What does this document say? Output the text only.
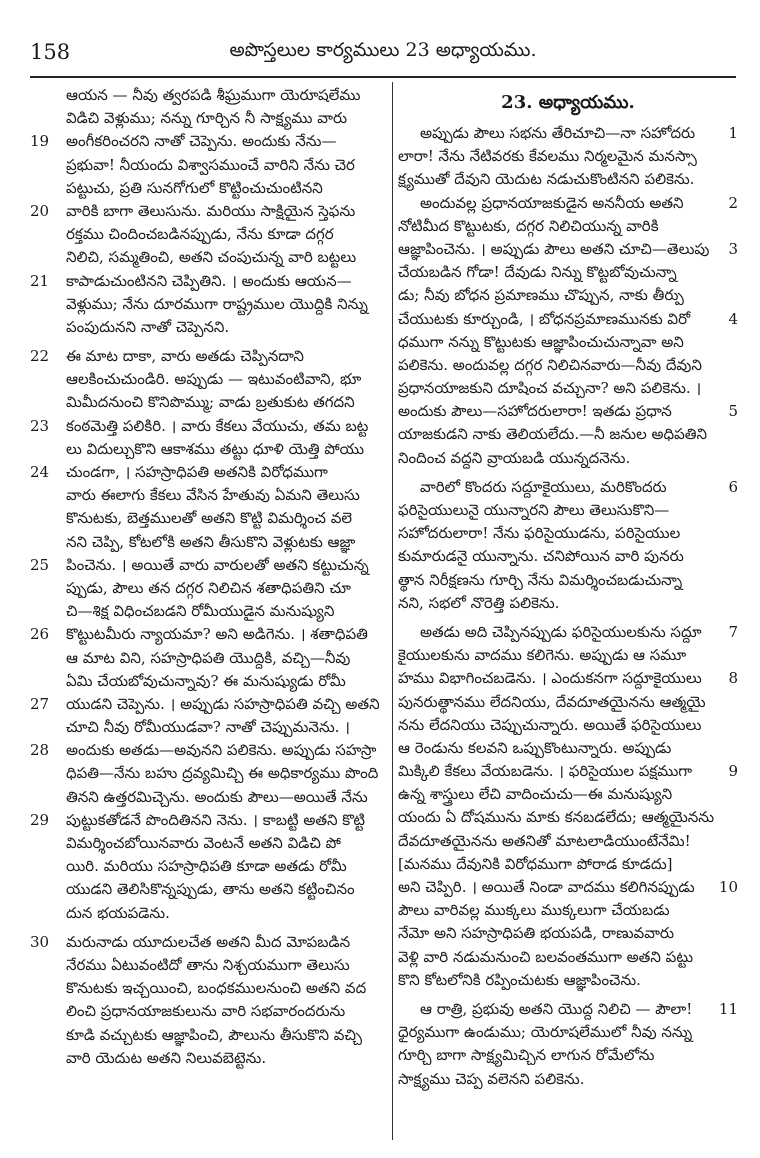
158	అపొస్తలుల కార్యములు 23 అధ్యాయము.
ఆయన — నీవు త్వరపడి శీఘ్రముగా యెరూషలేము
విడిచి వెళ్లుము; నన్ను గూర్చిన నీ సాక్ష్యము వారు
19 అంగీకరించరని నాతో చెప్పెను. అందుకు నేను—
ప్రభువా! నీయందు విశ్వాసముంచే వారిని నేను చెర
పట్టుచు, ప్రతి సునగోగులో కొట్టించుచుంటినని
20 వారికి బాగా తెలుసును. మరియు సాక్షియైన స్తెఫను
రక్తము చిందించబడినప్పుడు, నేను కూడా దగ్గర
నిలిచి, సమ్మతించి, అతని చంపుచున్న వారి బట్టలు
21 కాపాడుచుంటినని చెప్పితిని. । అందుకు ఆయన—
వెళ్లుము; నేను దూరముగా రాష్ట్రముల యొద్దికి నిన్ను
పంపుదునని నాతో చెప్పెనని.
22 ఈ మాట దాకా, వారు అతడు చెప్పినదాని
ఆలకించుచుండిరి. అప్పుడు — ఇటువంటివాని, భూ
మిమీదనుంచి కొనిపొమ్ము; వాడు బ్రతుకుట తగదని
23 కంఠమెత్తి పలికిరి. । వారు కేకలు వేయుచు, తమ బట్ట
లు విదుల్చుకొని ఆకాశము తట్టు ధూళి యెత్తి పోయు
24 చుండగా, । సహస్రాధిపతి అతనికి విరోధముగా
వారు ఈలాగు కేకలు వేసిన హేతువు ఏమని తెలుసు
కొనుటకు, బెత్తములతో అతని కొట్టి విమర్శించ వలె
నని చెప్పి, కోటలోకి అతని తీసుకొని వెళ్లుటకు ఆజ్ఞా
25 పించెను. । అయితే వారు వారులతో అతని కట్టుచున్న
ప్పుడు, పౌలు తన దగ్గర నిలిచిన శతాధిపతిని చూ
చి—శిక్ష విధించబడని రోమీయుడైన మనుష్యుని
26 కొట్టుటమీరు న్యాయమా? అని అడిగెను. । శతాధిపతి
ఆ మాట విని, సహస్రాధిపతి యొద్దికి, వచ్చి—నీవు
ఏమి చేయబోవుచున్నావు? ఈ మనుష్యుడు రోమీ
27 యుడని చెప్పెను. । అప్పుడు సహస్రాధిపతి వచ్చి అతని
చూచి నీవు రోమీయుడవా? నాతో చెప్పుమనెను. ।
28 అందుకు అతడు—అవునని పలికెను. అప్పుడు సహస్రా
ధిపతి—నేను బహు ద్రవ్యమిచ్చి ఈ అధికార్యము పొంది
తినని ఉత్తరమిచ్చెను. అందుకు పౌలు—అయితే నేను
29 పుట్టుకతోడనే పొందితినని నెను. । కాబట్టి అతని కొట్టి
విమర్శించబోయినవారు వెంటనే అతని విడిచి పో
యిరి. మరియు సహస్రాధిపతి కూడా అతడు రోమీ
యుడని తెలిసికొన్నప్పుడు, తాను అతని కట్టించినం
దున భయపడెను.
30 మరునాడు యూదులచేత అతని మీద మోపబడిన
నేరము ఏటువంటిదో తాను నిశ్చయముగా తెలుసు
కొనుటకు ఇచ్చయించి, బంధకములనుంచి అతని వద
లించి ప్రధానయాజకులును వారి సభవారందరును
కూడి వచ్చుటకు ఆజ్ఞాపించి, పౌలును తీసుకొని వచ్చి
వారి యెదుట అతని నిలువబెట్టెను.
23. అధ్యాయము.
1
అప్పుడు పౌలు సభను తేరిచూచి—నా సహోదరు
లారా! నేను నేటివరకు కేవలము నిర్మలమైన మనస్సా
క్ష్యముతో దేవుని యెదుట నడుచుకొంటినని పలికెను.
2
అందువల్ల ప్రధానయాజకుడైన అననీయ అతని
నోటిమీద కొట్టుటకు, దగ్గర నిలిచియున్న వారికి
3
ఆజ్ఞాపించెను. । అప్పుడు పౌలు అతని చూచి—తెలుపు
చేయబడిన గోడా! దేవుడు నిన్ను కొట్టబోవుచున్నా
డు; నీవు బోధన ప్రమాణము చొప్పున, నాకు తీర్పు
4
చేయుటకు కూర్చుండి, । బోధనప్రమాణమునకు విరో
ధముగా నన్ను కొట్టుటకు ఆజ్ఞాపించుచున్నావా అని
పలికెను. అందువల్ల దగ్గర నిలిచినవారు—నీవు దేవుని
ప్రధానయాజకుని దూషించ వచ్చునా? అని పలికెను. ।
5
అందుకు పౌలు—సహోదరులారా! ఇతడు ప్రధాన
యాజకుడని నాకు తెలియలేదు.—నీ జనుల అధిపతిని
నిందించ వద్దని వ్రాయబడి యున్నదనెను.
6
వారిలో కొందరు సద్దూకైయులు, మరికొందరు
ఫరిసైయులునై యున్నారని పౌలు తెలుసుకొని—
సహోదరులారా! నేను ఫరిసైయుడను, పరిసైయుల
కుమారుడనై యున్నాను. చనిపోయిన వారి పునరు
త్థాన నిరీక్షణను గూర్చి నేను విమర్శించబడుచున్నా
నని, సభలో నొరెత్తి పలికెను.
7
అతడు అది చెప్పినప్పుడు ఫరిసైయులకును సద్దూ
కైయులకును వాదము కలిగెను. అప్పుడు ఆ సమూ
8
హము విభాగించబడెను. । ఎందుకనగా సద్దూకైయులు
పునరుత్థానము లేదనియు, దేవదూతయైనను ఆత్మయై
నను లేదనియు చెప్పుచున్నారు. అయితే ఫరిసైయులు
ఆ రెండును కలవని ఒప్పుకొంటున్నారు. అప్పుడు
9
మిక్కిలి కేకలు వేయబడెను. । ఫరిసైయుల పక్షముగా
ఉన్న శాస్త్రులు లేచి వాదించుచు—ఈ మనుష్యుని
యందు ఏ దోషమును మాకు కనబడలేదు; ఆత్మయైనను
దేవదూతయైనను అతనితో మాటలాడియుంటేనేమి!
[మనము దేవునికి విరోధముగా పోరాడ కూడదు]
10
అని చెప్పిరి. । అయితే నిండా వాదము కలిగినప్పుడు
పౌలు వారివల్ల ముక్కలు ముక్కలుగా చేయబడు
నేమో అని సహస్రాధిపతి భయపడి, రాణువవారు
వెళ్లి వారి నడుమనుంచి బలవంతముగా అతని పట్టు
కొని కోటలోనికి రప్పించుటకు ఆజ్ఞాపించెను.
11
ఆ రాత్రి, ప్రభువు అతని యొద్ద నిలిచి — పౌలా!
ధైర్యముగా ఉండుము; యెరూషలేములో నీవు నన్ను
గూర్చి బాగా సాక్ష్యమిచ్చిన లాగున రోమేలోను
సాక్ష్యము చెప్ప వలెనని పలికెను.
